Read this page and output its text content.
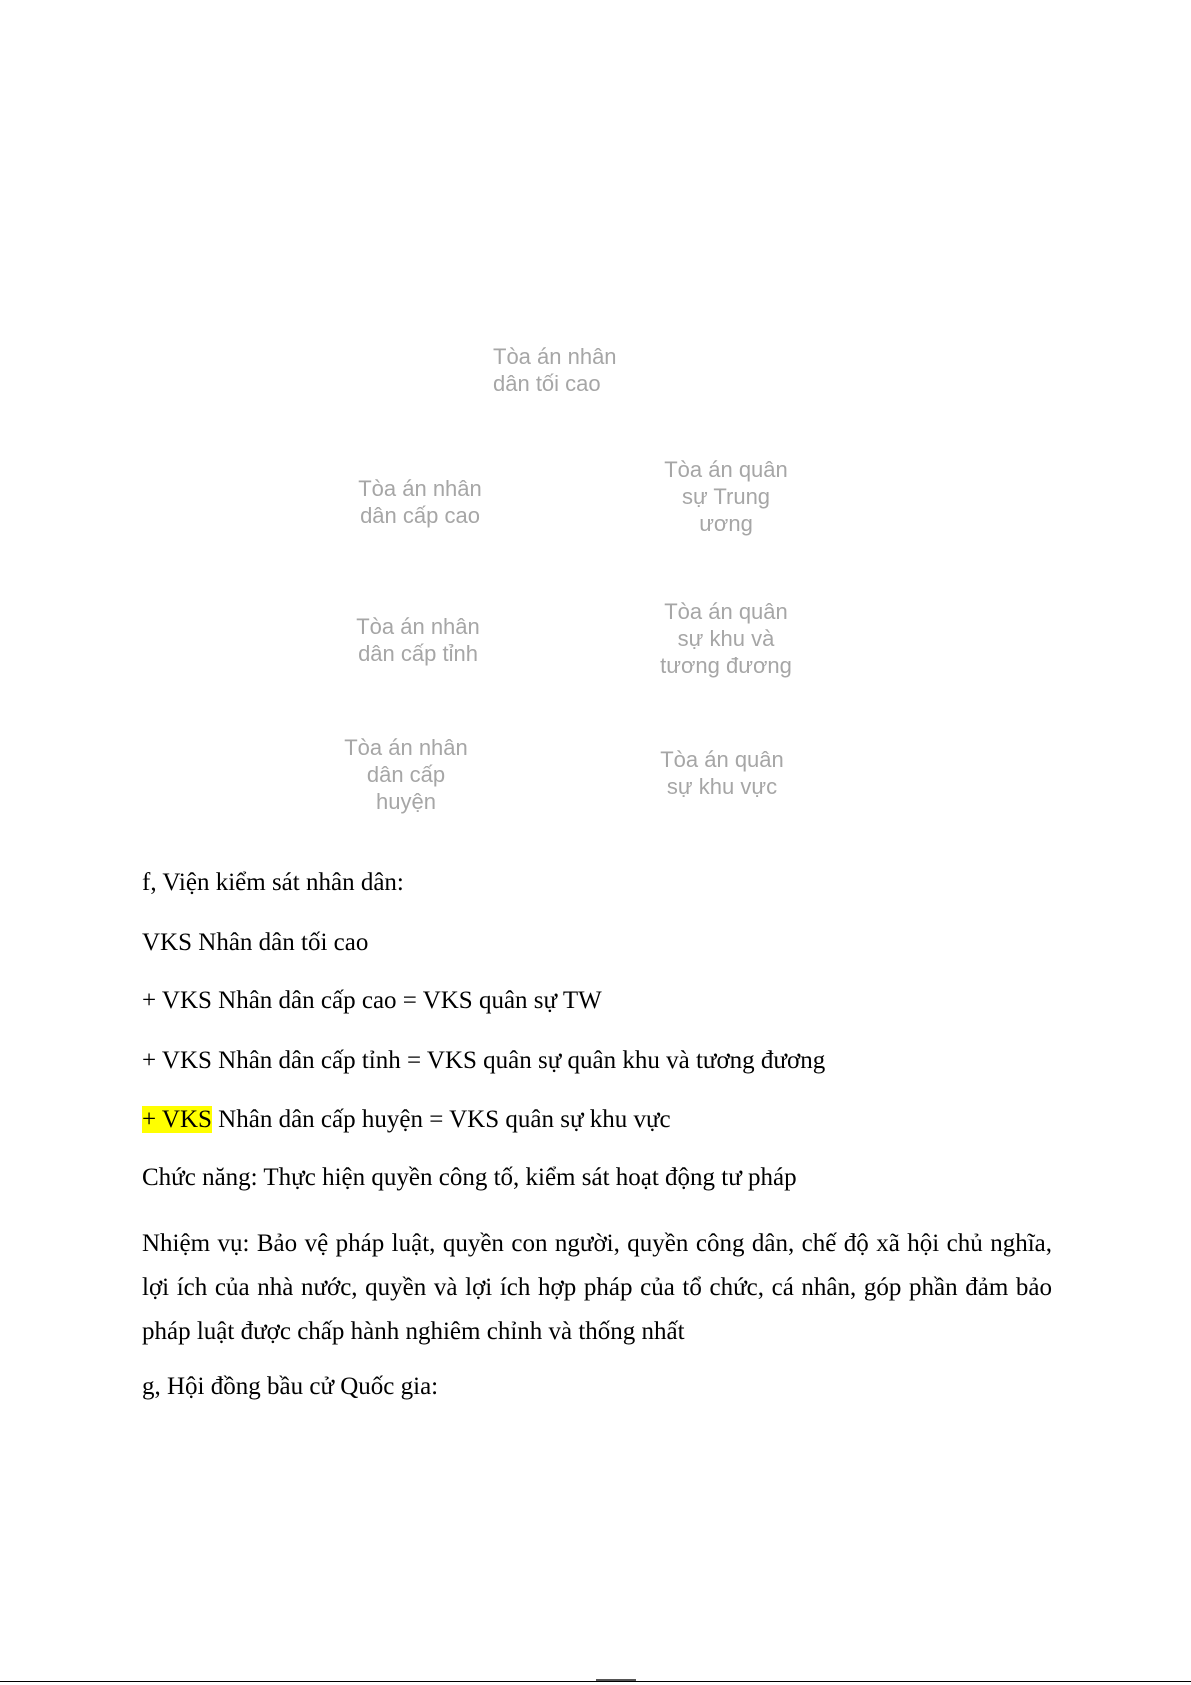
Tòa án nhân
dân tối cao
Tòa án nhân
dân cấp cao
Tòa án quân
sự Trung
ương
Tòa án nhân
dân cấp tỉnh
Tòa án quân
sự khu và
tương đương
Tòa án nhân
dân cấp
huyện
Tòa án quân
sự khu vực
f, Viện kiểm sát nhân dân:
VKS Nhân dân tối cao
+ VKS Nhân dân cấp cao = VKS quân sự TW
+ VKS Nhân dân cấp tỉnh = VKS quân sự quân khu và tương đương
+ VKS Nhân dân cấp huyện = VKS quân sự khu vực
Chức năng: Thực hiện quyền công tố, kiểm sát hoạt động tư pháp
Nhiệm vụ: Bảo vệ pháp luật, quyền con người, quyền công dân, chế độ xã hội chủ nghĩa, lợi ích của nhà nước, quyền và lợi ích hợp pháp của tổ chức, cá nhân, góp phần đảm bảo pháp luật được chấp hành nghiêm chỉnh và thống nhất
g, Hội đồng bầu cử Quốc gia:
